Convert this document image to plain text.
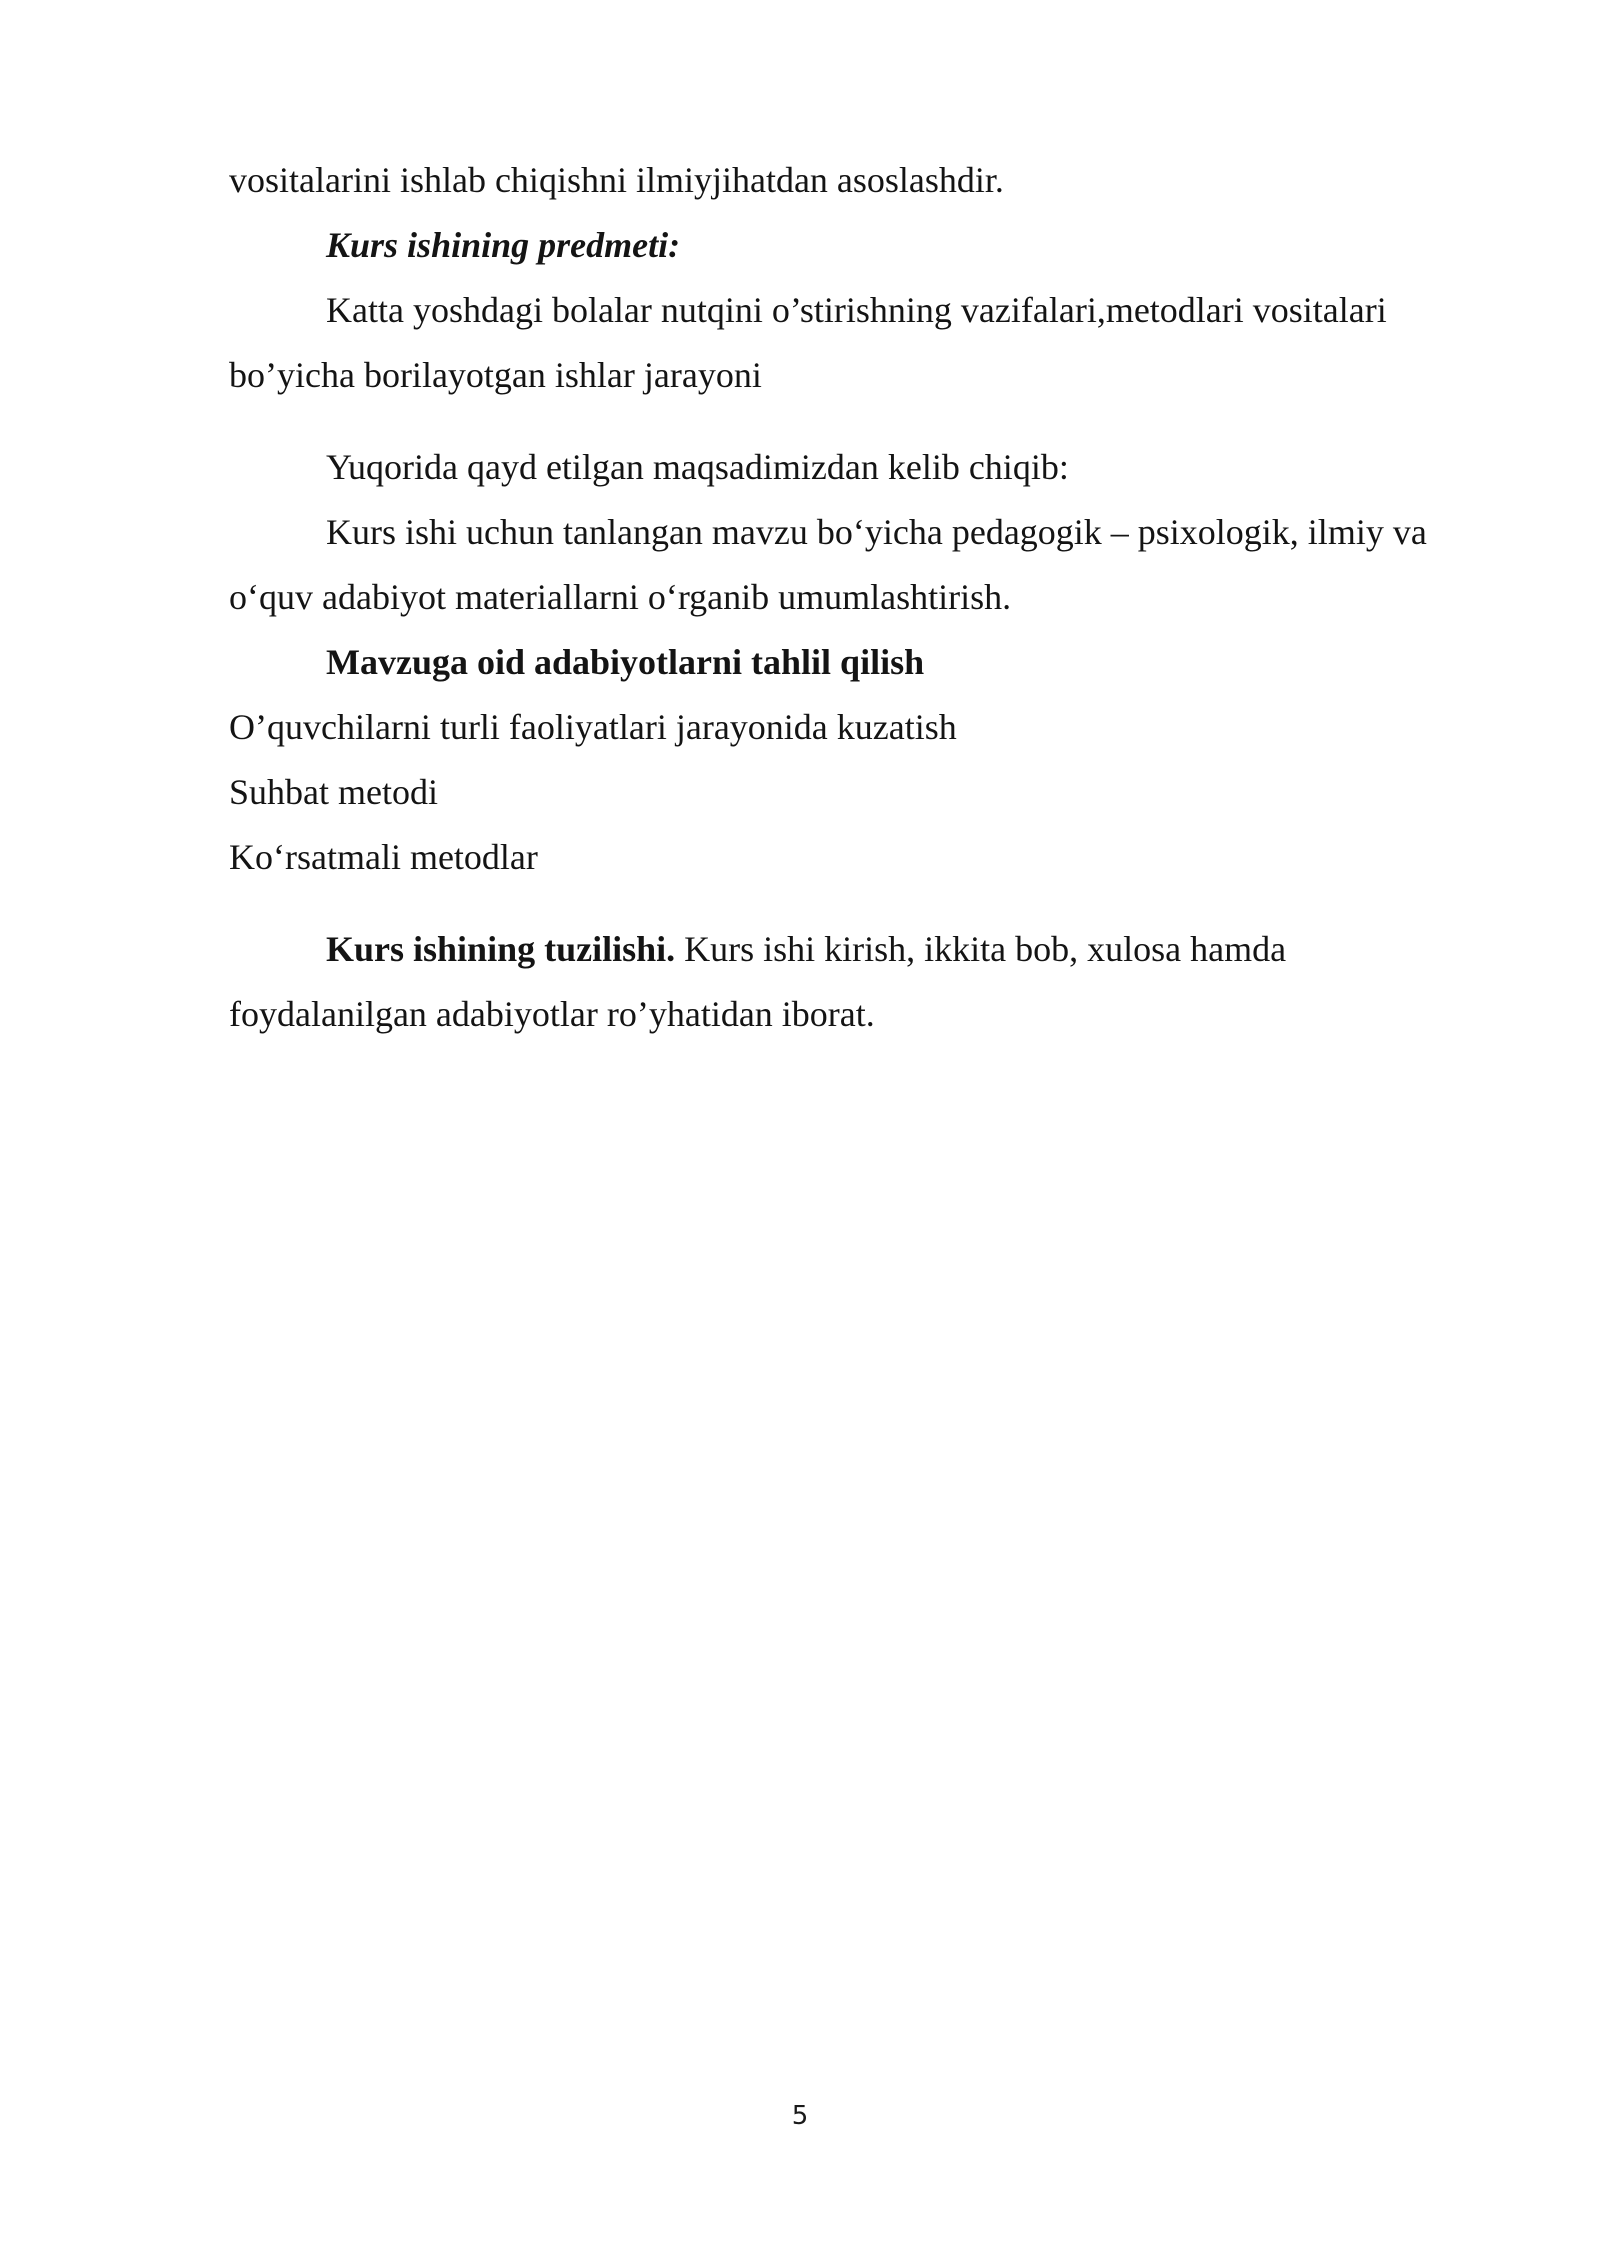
vositalarini ishlab chiqishni ilmiyjihatdan asoslashdir.

Kurs ishining predmeti:

Katta yoshdagi bolalar nutqini o’stirishning vazifalari,metodlari vositalari bo’yicha borilayotgan ishlar jarayoni

Yuqorida qayd etilgan maqsadimizdan kelib chiqib:

Kurs ishi uchun tanlangan mavzu bo‘yicha pedagogik – psixologik, ilmiy va o‘quv adabiyot materiallarni o‘rganib umumlashtirish.

Mavzuga oid adabiyotlarni tahlil qilish

O’quvchilarni turli faoliyatlari jarayonida kuzatish

Suhbat metodi

Ko‘rsatmali metodlar

Kurs ishining tuzilishi. Kurs ishi kirish, ikkita bob, xulosa hamda foydalanilgan adabiyotlar ro’yhatidan iborat.

5
